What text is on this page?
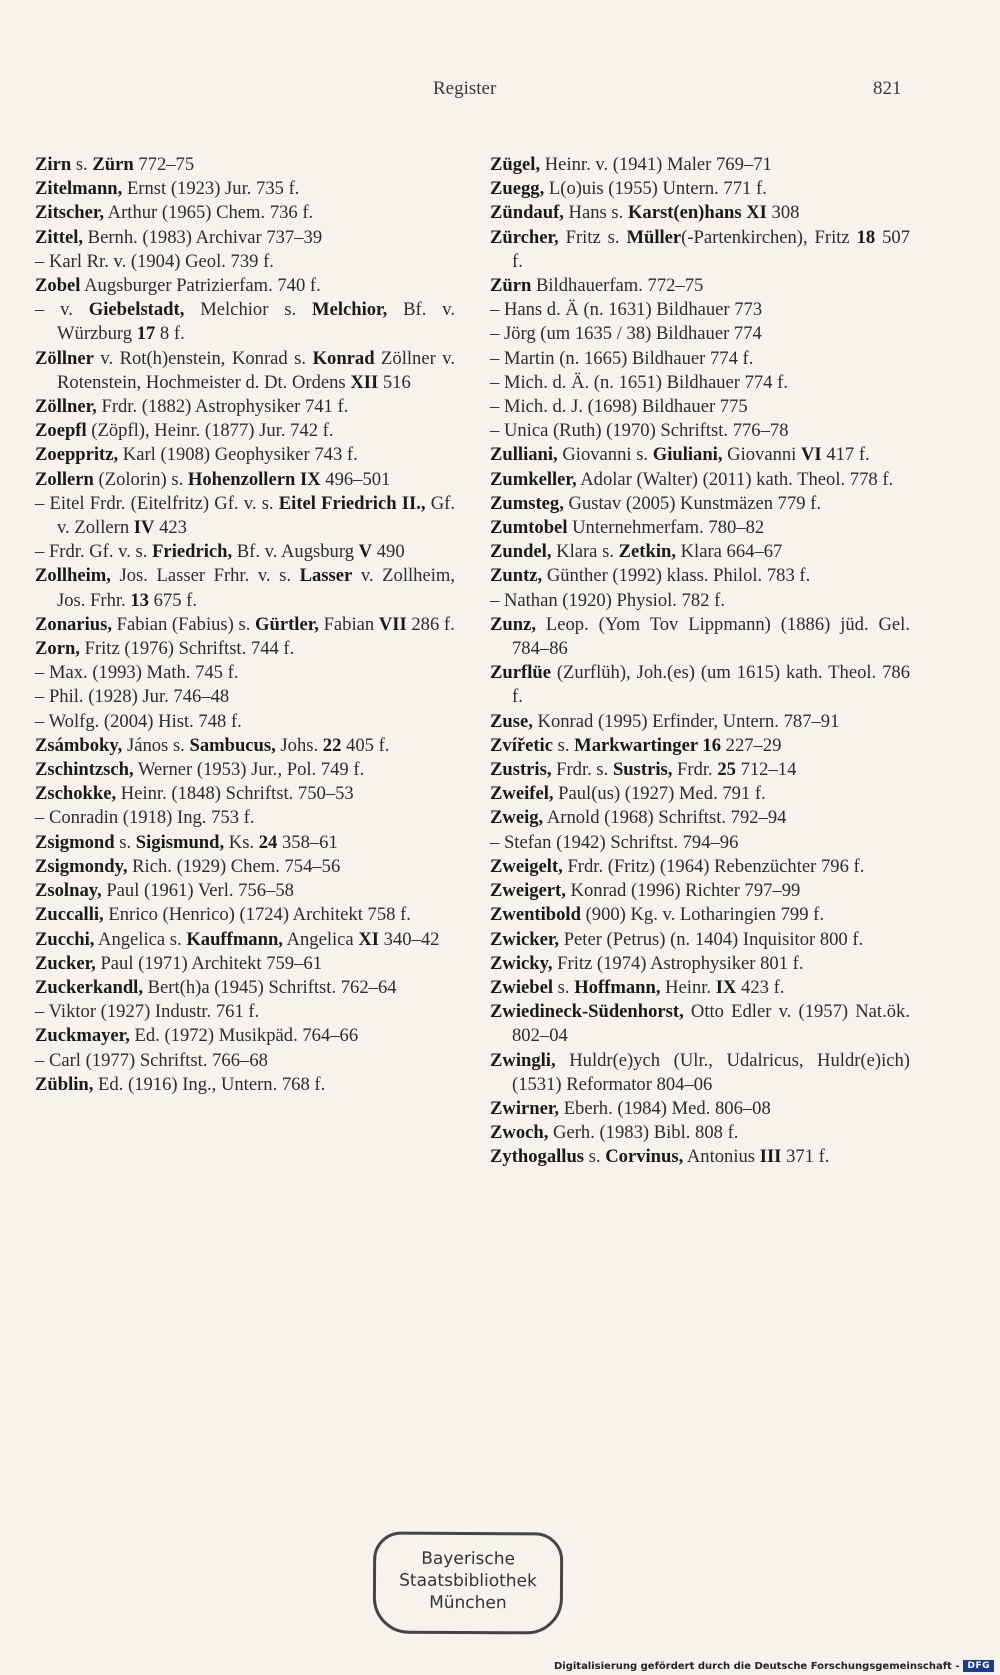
Register	821

Zirn s. Zürn 772–75

Zitelmann, Ernst (1923) Jur. 735 f.

Zitscher, Arthur (1965) Chem. 736 f.

Zittel, Bernh. (1983) Archivar 737–39

– Karl Rr. v. (1904) Geol. 739 f.

Zobel Augsburger Patrizierfam. 740 f.

– v. Giebelstadt, Melchior s. Melchior, Bf. v. Würzburg 17 8 f.

Zöllner v. Rot(h)enstein, Konrad s. Konrad Zöllner v. Rotenstein, Hochmeister d. Dt. Ordens XII 516

Zöllner, Frdr. (1882) Astrophysiker 741 f.

Zoepfl (Zöpfl), Heinr. (1877) Jur. 742 f.

Zoeppritz, Karl (1908) Geophysiker 743 f.

Zollern (Zolorin) s. Hohenzollern IX 496–501

– Eitel Frdr. (Eitelfritz) Gf. v. s. Eitel Friedrich II., Gf. v. Zollern IV 423

– Frdr. Gf. v. s. Friedrich, Bf. v. Augsburg V 490

Zollheim, Jos. Lasser Frhr. v. s. Lasser v. Zollheim, Jos. Frhr. 13 675 f.

Zonarius, Fabian (Fabius) s. Gürtler, Fabian VII 286 f.

Zorn, Fritz (1976) Schriftst. 744 f.

– Max. (1993) Math. 745 f.

– Phil. (1928) Jur. 746–48

– Wolfg. (2004) Hist. 748 f.

Zsámboky, János s. Sambucus, Johs. 22 405 f.

Zschintzsch, Werner (1953) Jur., Pol. 749 f.

Zschokke, Heinr. (1848) Schriftst. 750–53

– Conradin (1918) Ing. 753 f.

Zsigmond s. Sigismund, Ks. 24 358–61

Zsigmondy, Rich. (1929) Chem. 754–56

Zsolnay, Paul (1961) Verl. 756–58

Zuccalli, Enrico (Henrico) (1724) Architekt 758 f.

Zucchi, Angelica s. Kauffmann, Angelica XI 340–42

Zucker, Paul (1971) Architekt 759–61

Zuckerkandl, Bert(h)a (1945) Schriftst. 762–64

– Viktor (1927) Industr. 761 f.

Zuckmayer, Ed. (1972) Musikpäd. 764–66

– Carl (1977) Schriftst. 766–68

Züblin, Ed. (1916) Ing., Untern. 768 f.

Zügel, Heinr. v. (1941) Maler 769–71

Zuegg, L(o)uis (1955) Untern. 771 f.

Zündauf, Hans s. Karst(en)hans XI 308

Zürcher, Fritz s. Müller(-Partenkirchen), Fritz 18 507 f.

Zürn Bildhauerfam. 772–75

– Hans d. Ä (n. 1631) Bildhauer 773

– Jörg (um 1635 / 38) Bildhauer 774

– Martin (n. 1665) Bildhauer 774 f.

– Mich. d. Ä. (n. 1651) Bildhauer 774 f.

– Mich. d. J. (1698) Bildhauer 775

– Unica (Ruth) (1970) Schriftst. 776–78

Zulliani, Giovanni s. Giuliani, Giovanni VI 417 f.

Zumkeller, Adolar (Walter) (2011) kath. Theol. 778 f.

Zumsteg, Gustav (2005) Kunstmäzen 779 f.

Zumtobel Unternehmerfam. 780–82

Zundel, Klara s. Zetkin, Klara 664–67

Zuntz, Günther (1992) klass. Philol. 783 f.

– Nathan (1920) Physiol. 782 f.

Zunz, Leop. (Yom Tov Lippmann) (1886) jüd. Gel. 784–86

Zurflüe (Zurflüh), Joh.(es) (um 1615) kath. Theol. 786 f.

Zuse, Konrad (1995) Erfinder, Untern. 787–91

Zvířetic s. Markwartinger 16 227–29

Zustris, Frdr. s. Sustris, Frdr. 25 712–14

Zweifel, Paul(us) (1927) Med. 791 f.

Zweig, Arnold (1968) Schriftst. 792–94

– Stefan (1942) Schriftst. 794–96

Zweigelt, Frdr. (Fritz) (1964) Rebenzüchter 796 f.

Zweigert, Konrad (1996) Richter 797–99

Zwentibold (900) Kg. v. Lotharingien 799 f.

Zwicker, Peter (Petrus) (n. 1404) Inquisitor 800 f.

Zwicky, Fritz (1974) Astrophysiker 801 f.

Zwiebel s. Hoffmann, Heinr. IX 423 f.

Zwiedineck-Südenhorst, Otto Edler v. (1957) Nat.ök. 802–04

Zwingli, Huldr(e)ych (Ulr., Udalricus, Huldr(e)ich) (1531) Reformator 804–06

Zwirner, Eberh. (1984) Med. 806–08

Zwoch, Gerh. (1983) Bibl. 808 f.

Zythogallus s. Corvinus, Antonius III 371 f.

Bayerische
Staatsbibliothek
München
Digitalisierung gefördert durch die Deutsche Forschungsgemeinschaft - DFG
